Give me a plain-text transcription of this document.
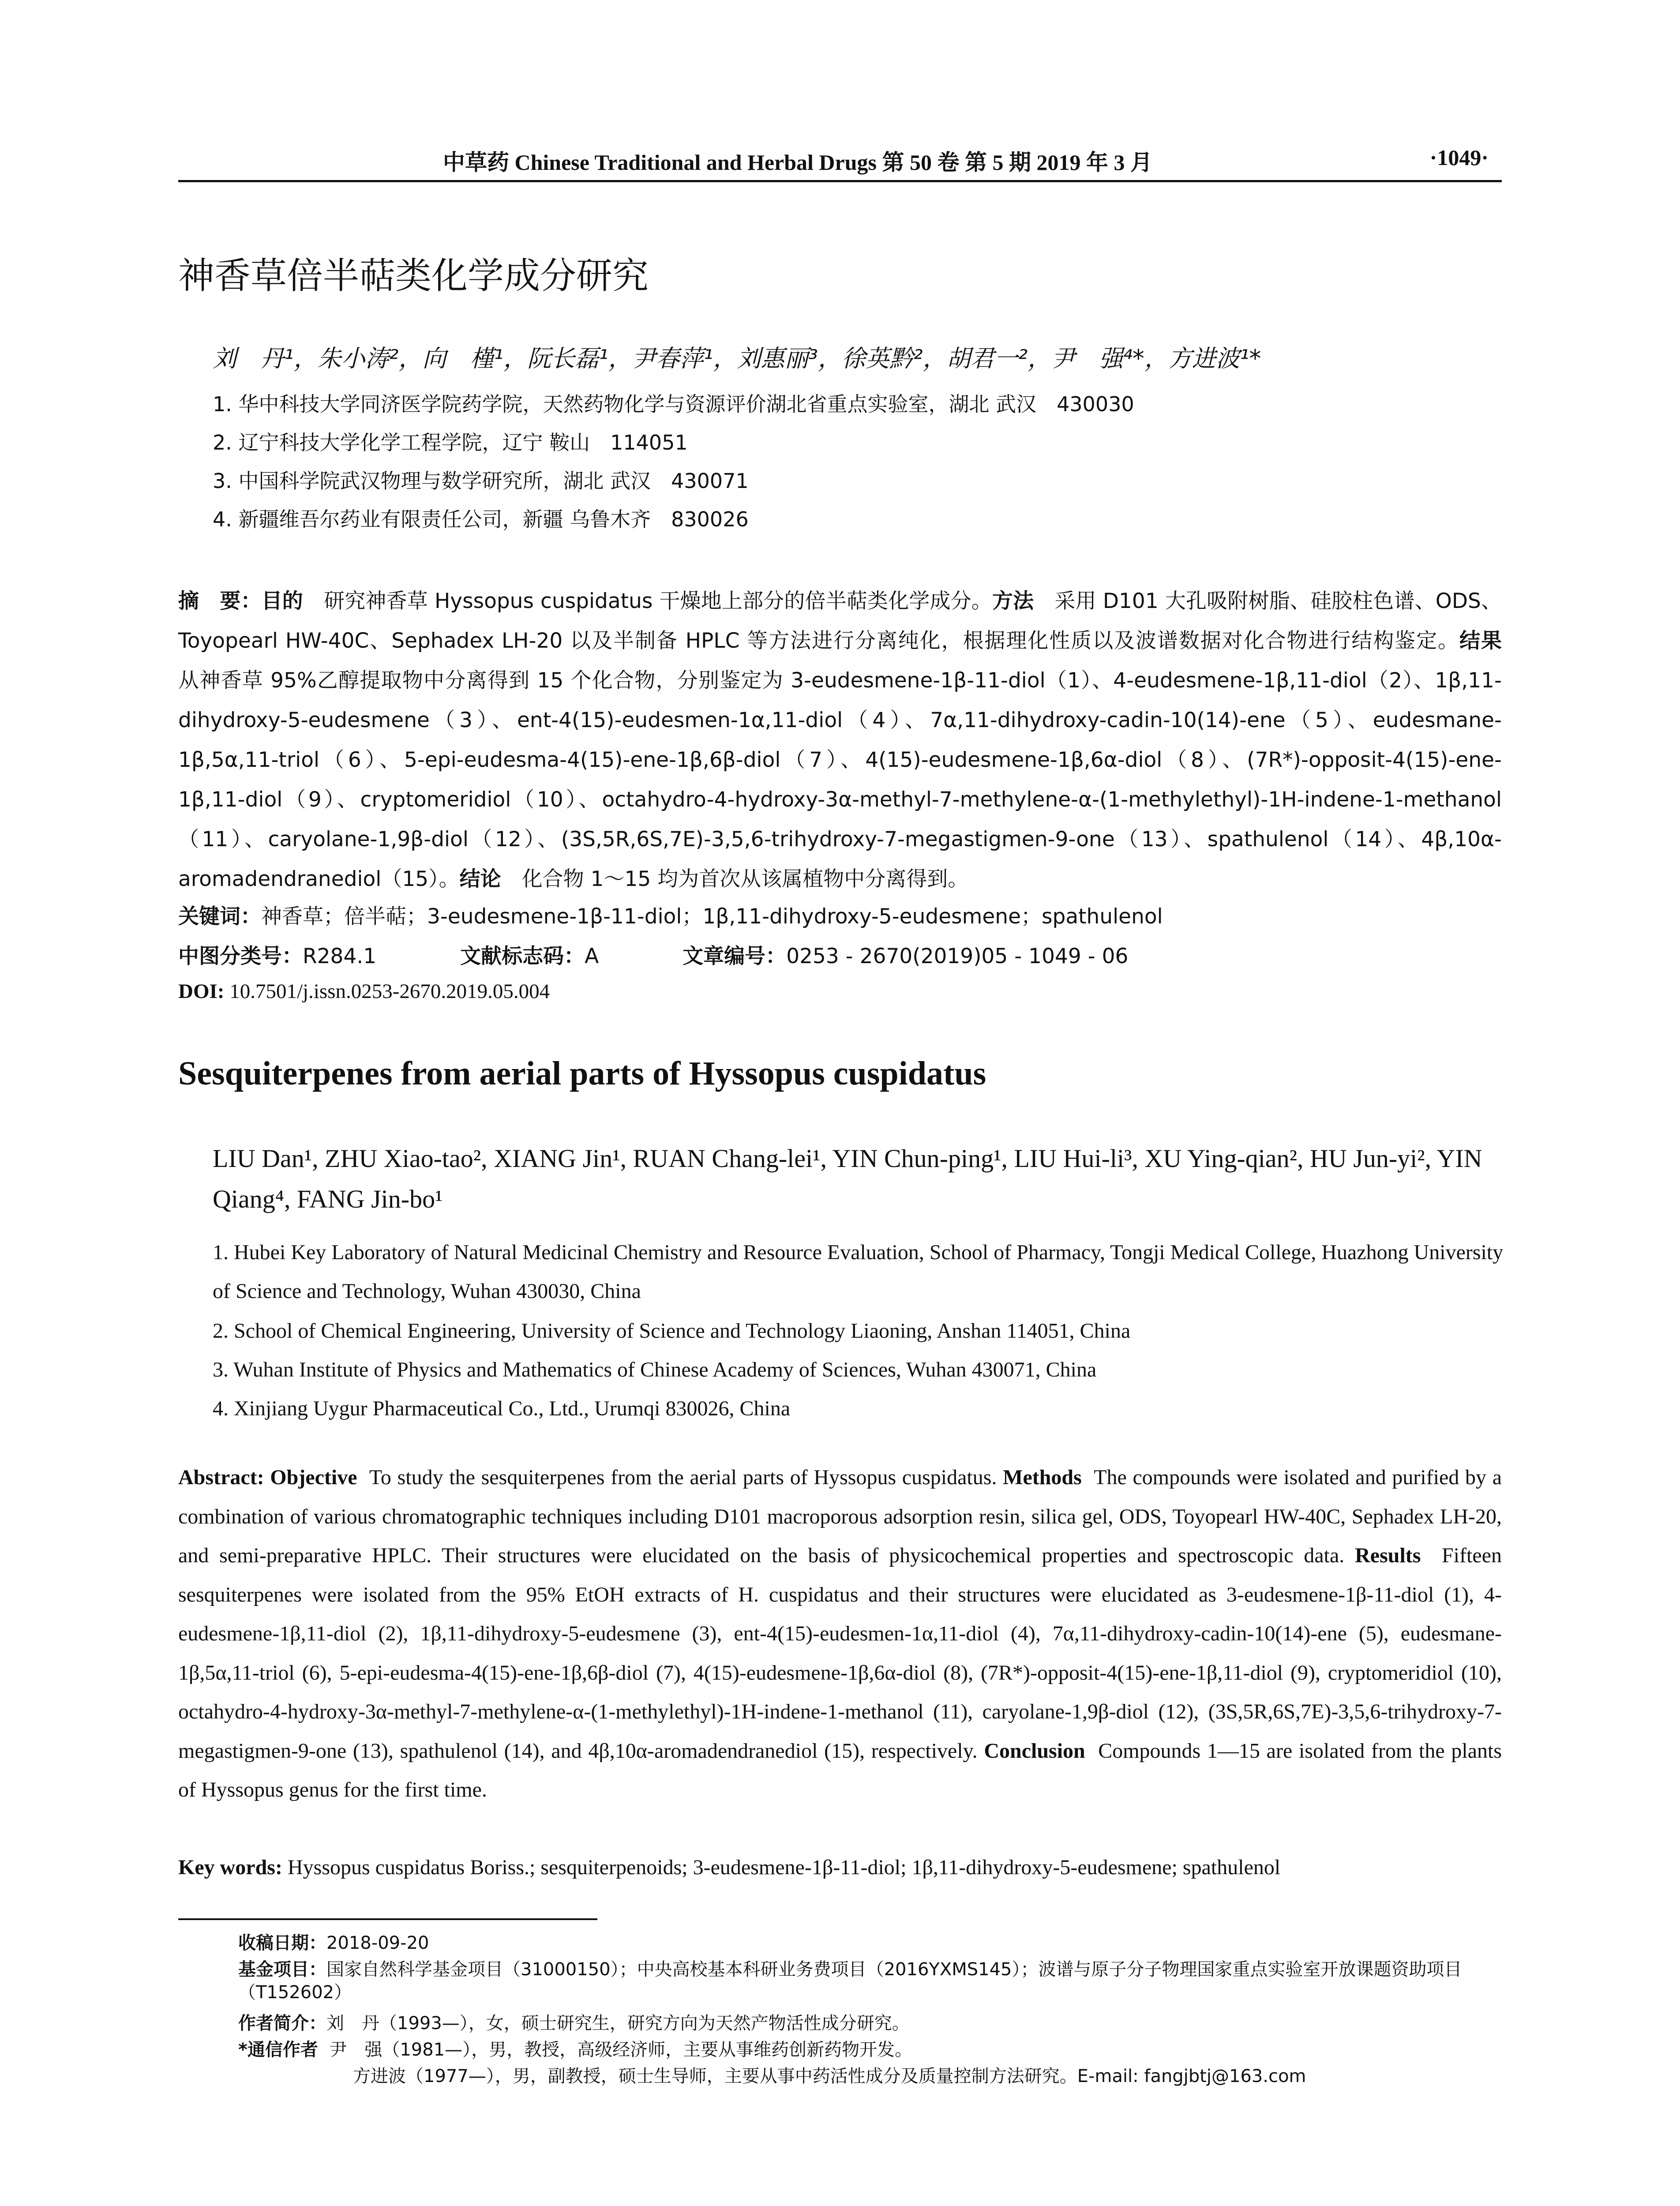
中草药 Chinese Traditional and Herbal Drugs 第 50 卷 第 5 期 2019 年 3 月	·1049·
神香草倍半萜类化学成分研究
刘　丹¹，朱小涛²，向　槿¹，阮长磊¹，尹春萍¹，刘惠丽³，徐英黔²，胡君一²，尹　强⁴*，方进波¹*
1. 华中科技大学同济医学院药学院，天然药物化学与资源评价湖北省重点实验室，湖北 武汉　430030
2. 辽宁科技大学化学工程学院，辽宁 鞍山　114051
3. 中国科学院武汉物理与数学研究所，湖北 武汉　430071
4. 新疆维吾尔药业有限责任公司，新疆 乌鲁木齐　830026
摘　要：目的　 研究神香草 Hyssopus cuspidatus 干燥地上部分的倍半萜类化学成分。方法　 采用 D101 大孔吸附树脂、硅胶柱色谱、ODS、Toyopearl HW-40C、Sephadex LH-20 以及半制备 HPLC 等方法进行分离纯化，根据理化性质以及波谱数据对化合物进行结构鉴定。结果　从神香草 95%乙醇提取物中分离得到 15 个化合物，分别鉴定为 3-eudesmene-1β-11-diol（1）、4-eudesmene-1β,11-diol（2）、1β,11-dihydroxy-5-eudesmene（3）、ent-4(15)-eudesmen-1α,11-diol（4）、7α,11-dihydroxy-cadin-10(14)-ene（5）、eudesmane-1β,5α,11-triol（6）、5-epi-eudesma-4(15)-ene-1β,6β-diol（7）、4(15)-eudesmene-1β,6α-diol（8）、(7R*)-opposit-4(15)-ene-1β,11-diol（9）、cryptomeridiol（10）、octahydro-4-hydroxy-3α-methyl-7-methylene-α-(1-methylethyl)-1H-indene-1-methanol（11）、caryolane-1,9β-diol（12）、(3S,5R,6S,7E)-3,5,6-trihydroxy-7-megastigmen-9-one（13）、spathulenol（14）、4β,10α-aromadendranediol（15）。结论　 化合物 1～15 均为首次从该属植物中分离得到。
关键词：神香草；倍半萜；3-eudesmene-1β-11-diol；1β,11-dihydroxy-5-eudesmene；spathulenol
中图分类号：R284.1	文献标志码：A	文章编号：0253 - 2670(2019)05 - 1049 - 06
DOI: 10.7501/j.issn.0253-2670.2019.05.004
Sesquiterpenes from aerial parts of Hyssopus cuspidatus
LIU Dan¹, ZHU Xiao-tao², XIANG Jin¹, RUAN Chang-lei¹, YIN Chun-ping¹, LIU Hui-li³, XU Ying-qian², HU Jun-yi², YIN Qiang⁴, FANG Jin-bo¹
1. Hubei Key Laboratory of Natural Medicinal Chemistry and Resource Evaluation, School of Pharmacy, Tongji Medical College, Huazhong University of Science and Technology, Wuhan 430030, China
2. School of Chemical Engineering, University of Science and Technology Liaoning, Anshan 114051, China
3. Wuhan Institute of Physics and Mathematics of Chinese Academy of Sciences, Wuhan 430071, China
4. Xinjiang Uygur Pharmaceutical Co., Ltd., Urumqi 830026, China
Abstract: Objective To study the sesquiterpenes from the aerial parts of Hyssopus cuspidatus. Methods The compounds were isolated and purified by a combination of various chromatographic techniques including D101 macroporous adsorption resin, silica gel, ODS, Toyopearl HW-40C, Sephadex LH-20, and semi-preparative HPLC. Their structures were elucidated on the basis of physicochemical properties and spectroscopic data. Results Fifteen sesquiterpenes were isolated from the 95% EtOH extracts of H. cuspidatus and their structures were elucidated as 3-eudesmene-1β-11-diol (1), 4-eudesmene-1β,11-diol (2), 1β,11-dihydroxy-5-eudesmene (3), ent-4(15)-eudesmen-1α,11-diol (4), 7α,11-dihydroxy-cadin-10(14)-ene (5), eudesmane-1β,5α,11-triol (6), 5-epi-eudesma-4(15)-ene-1β,6β-diol (7), 4(15)-eudesmene-1β,6α-diol (8), (7R*)-opposit-4(15)-ene-1β,11-diol (9), cryptomeridiol (10), octahydro-4-hydroxy-3α-methyl-7-methylene-α-(1-methylethyl)-1H-indene-1-methanol (11), caryolane-1,9β-diol (12), (3S,5R,6S,7E)-3,5,6-trihydroxy-7-megastigmen-9-one (13), spathulenol (14), and 4β,10α-aromadendranediol (15), respectively. Conclusion Compounds 1—15 are isolated from the plants of Hyssopus genus for the first time.
Key words: Hyssopus cuspidatus Boriss.; sesquiterpenoids; 3-eudesmene-1β-11-diol; 1β,11-dihydroxy-5-eudesmene; spathulenol
收稿日期：2018-09-20
基金项目：国家自然科学基金项目（31000150）；中央高校基本科研业务费项目（2016YXMS145）；波谱与原子分子物理国家重点实验室开放课题资助项目（T152602）
作者简介：刘　丹（1993—），女，硕士研究生，研究方向为天然产物活性成分研究。
*通信作者 尹　强（1981—），男，教授，高级经济师，主要从事维药创新药物开发。
方进波（1977—），男，副教授，硕士生导师，主要从事中药活性成分及质量控制方法研究。E-mail: fangjbtj@163.com
